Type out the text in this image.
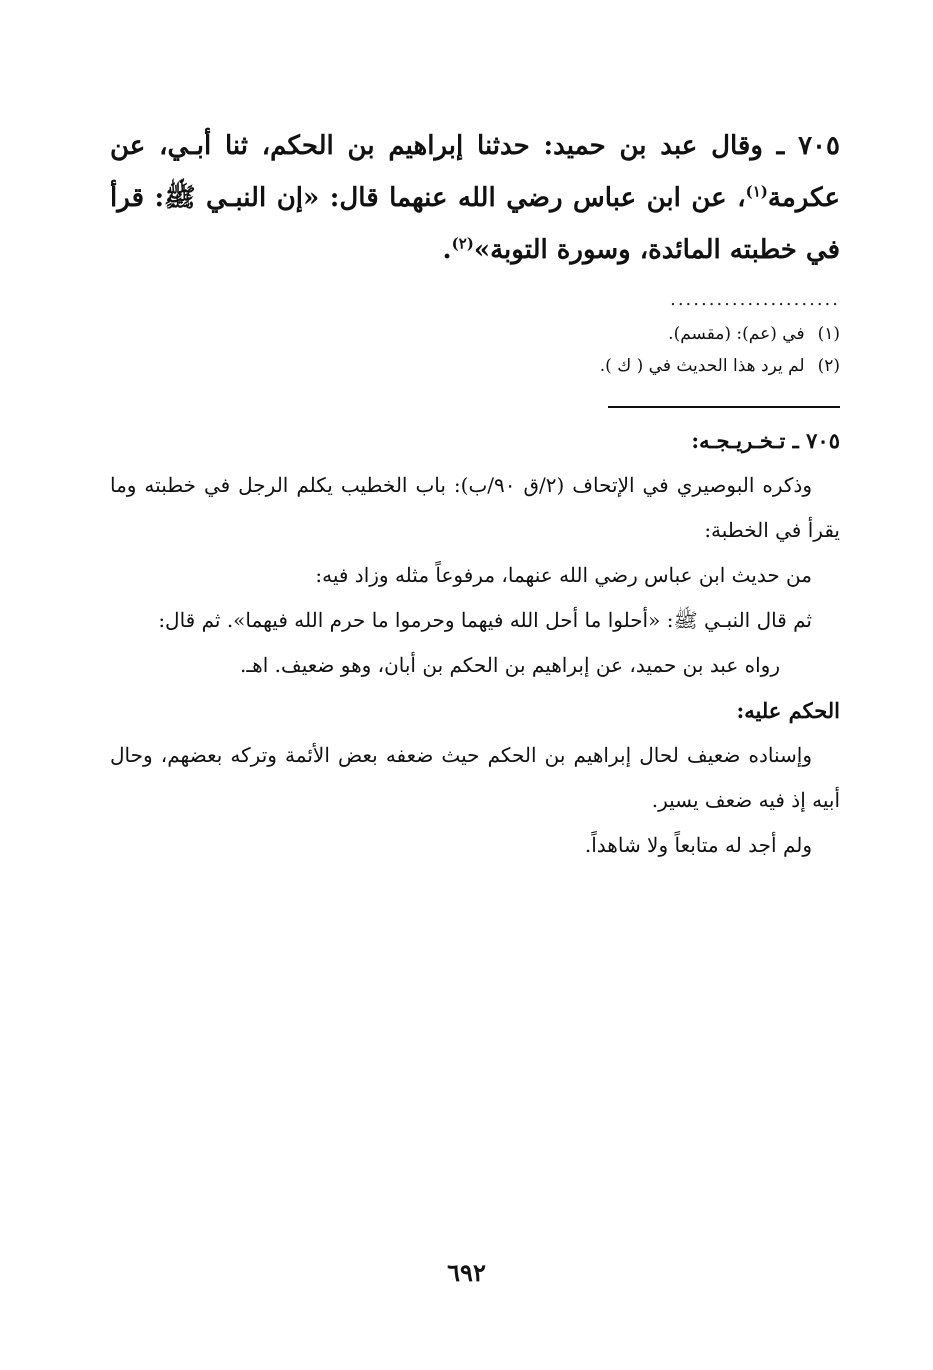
٧٠٥ ـ وقال عبد بن حميد: حدثنا إبراهيم بن الحكم، ثنا أبـي، عن عكرمة$^{(١)}$، عن ابن عباس رضي الله عنهما قال: «إن النبـي ﷺ: قرأ في خطبته المائدة، وسورة التوبة»$^{(٢)}$.

......................
(١) في (عم): (مقسم).
(٢) لم يرد هذا الحديث في ( ك ).
٧٠٥ ـ تـخـريـجـه:
وذكره البوصيري في الإتحاف (٢/ق ٩٠/ب): باب الخطيب يكلم الرجل في خطبته وما يقرأ في الخطبة:
من حديث ابن عباس رضي الله عنهما، مرفوعاً مثله وزاد فيه:
ثم قال النبـي ﷺ: «أحلوا ما أحل الله فيهما وحرموا ما حرم الله فيهما». ثم قال:
رواه عبد بن حميد، عن إبراهيم بن الحكم بن أبان، وهو ضعيف. اهـ.
الحكم عليه:
وإسناده ضعيف لحال إبراهيم بن الحكم حيث ضعفه بعض الأئمة وتركه بعضهم، وحال أبيه إذ فيه ضعف يسير.
ولم أجد له متابعاً ولا شاهداً.
٦٩٢
